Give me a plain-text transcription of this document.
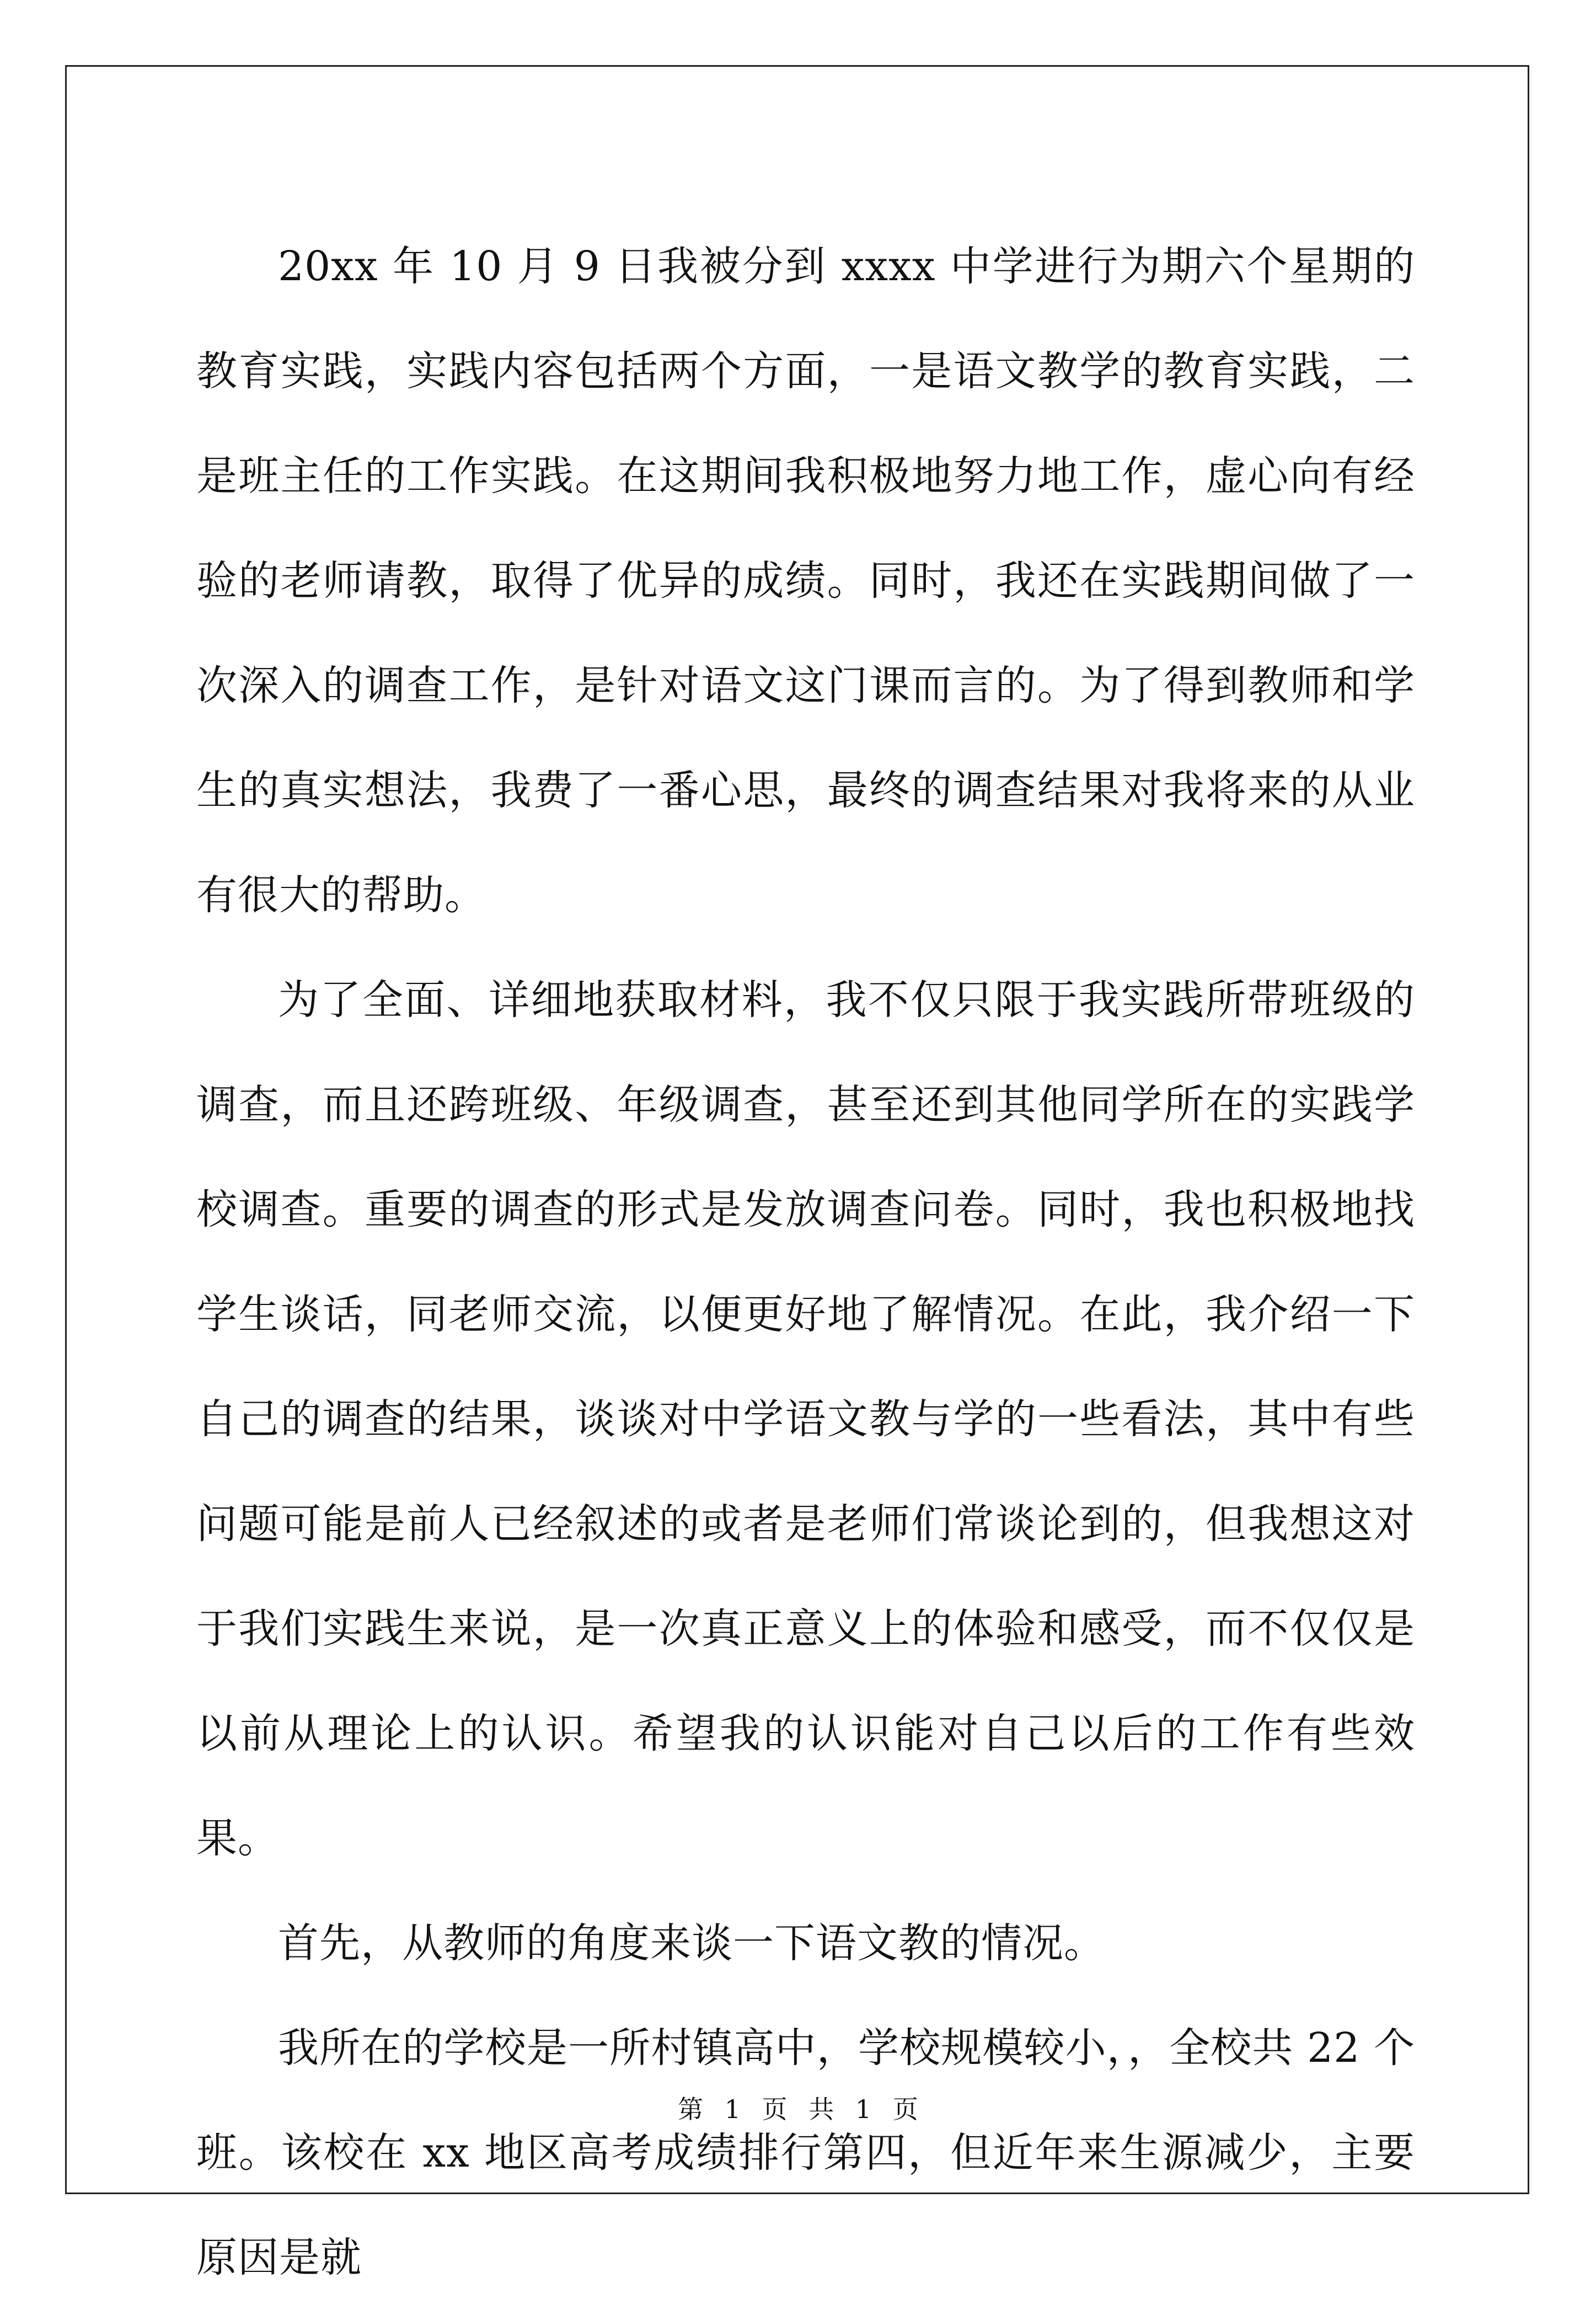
20xx 年 10 月 9 日我被分到 xxxx 中学进行为期六个星期的教育实践，实践内容包括两个方面，一是语文教学的教育实践，二是班主任的工作实践。在这期间我积极地努力地工作，虚心向有经验的老师请教，取得了优异的成绩。同时，我还在实践期间做了一次深入的调查工作，是针对语文这门课而言的。为了得到教师和学生的真实想法，我费了一番心思，最终的调查结果对我将来的从业有很大的帮助。

为了全面、详细地获取材料，我不仅只限于我实践所带班级的调查，而且还跨班级、年级调查，甚至还到其他同学所在的实践学校调查。重要的调查的形式是发放调查问卷。同时，我也积极地找学生谈话，同老师交流，以便更好地了解情况。在此，我介绍一下自己的调查的结果，谈谈对中学语文教与学的一些看法，其中有些问题可能是前人已经叙述的或者是老师们常谈论到的，但我想这对于我们实践生来说，是一次真正意义上的体验和感受，而不仅仅是以前从理论上的认识。希望我的认识能对自己以后的工作有些效果。

首先，从教师的角度来谈一下语文教的情况。

我所在的学校是一所村镇高中，学校规模较小，，全校共 22 个班。该校在 xx 地区高考成绩排行第四，但近年来生源减少，主要原因是就

第 1 页 共 1 页
